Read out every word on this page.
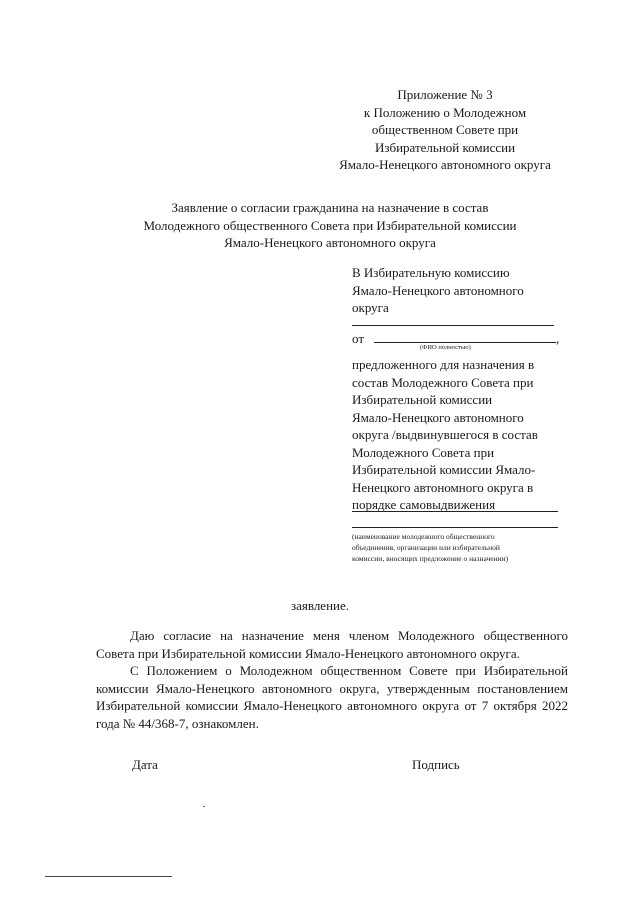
Приложение № 3
к Положению о Молодежном
общественном Совете при
Избирательной комиссии
Ямало-Ненецкого автономного округа
Заявление о согласии гражданина на назначение в состав
Молодежного общественного Совета при Избирательной комиссии
Ямало-Ненецкого автономного округа
В Избирательную комиссию
Ямало-Ненецкого автономного
округа
от	,
(ФИО полностью)
предложенного для назначения в
состав Молодежного Совета при
Избирательной комиссии
Ямало-Ненецкого автономного
округа /выдвинувшегося в состав
Молодежного Совета при
Избирательной комиссии Ямало-
Ненецкого автономного округа в
порядке самовыдвижения
(наименование молодежного общественного
объединения, организации или избирательной
комиссии, вносящих предложение о назначении)
заявление.
Даю согласие на назначение меня членом Молодежного общественного Совета при Избирательной комиссии Ямало-Ненецкого автономного округа.
С Положением о Молодежном общественном Совете при Избирательной комиссии Ямало-Ненецкого автономного округа, утвержденным постановлением Избирательной комиссии Ямало-Ненецкого автономного округа от 7 октября 2022 года № 44/368-7, ознакомлен.
Дата	Подпись
